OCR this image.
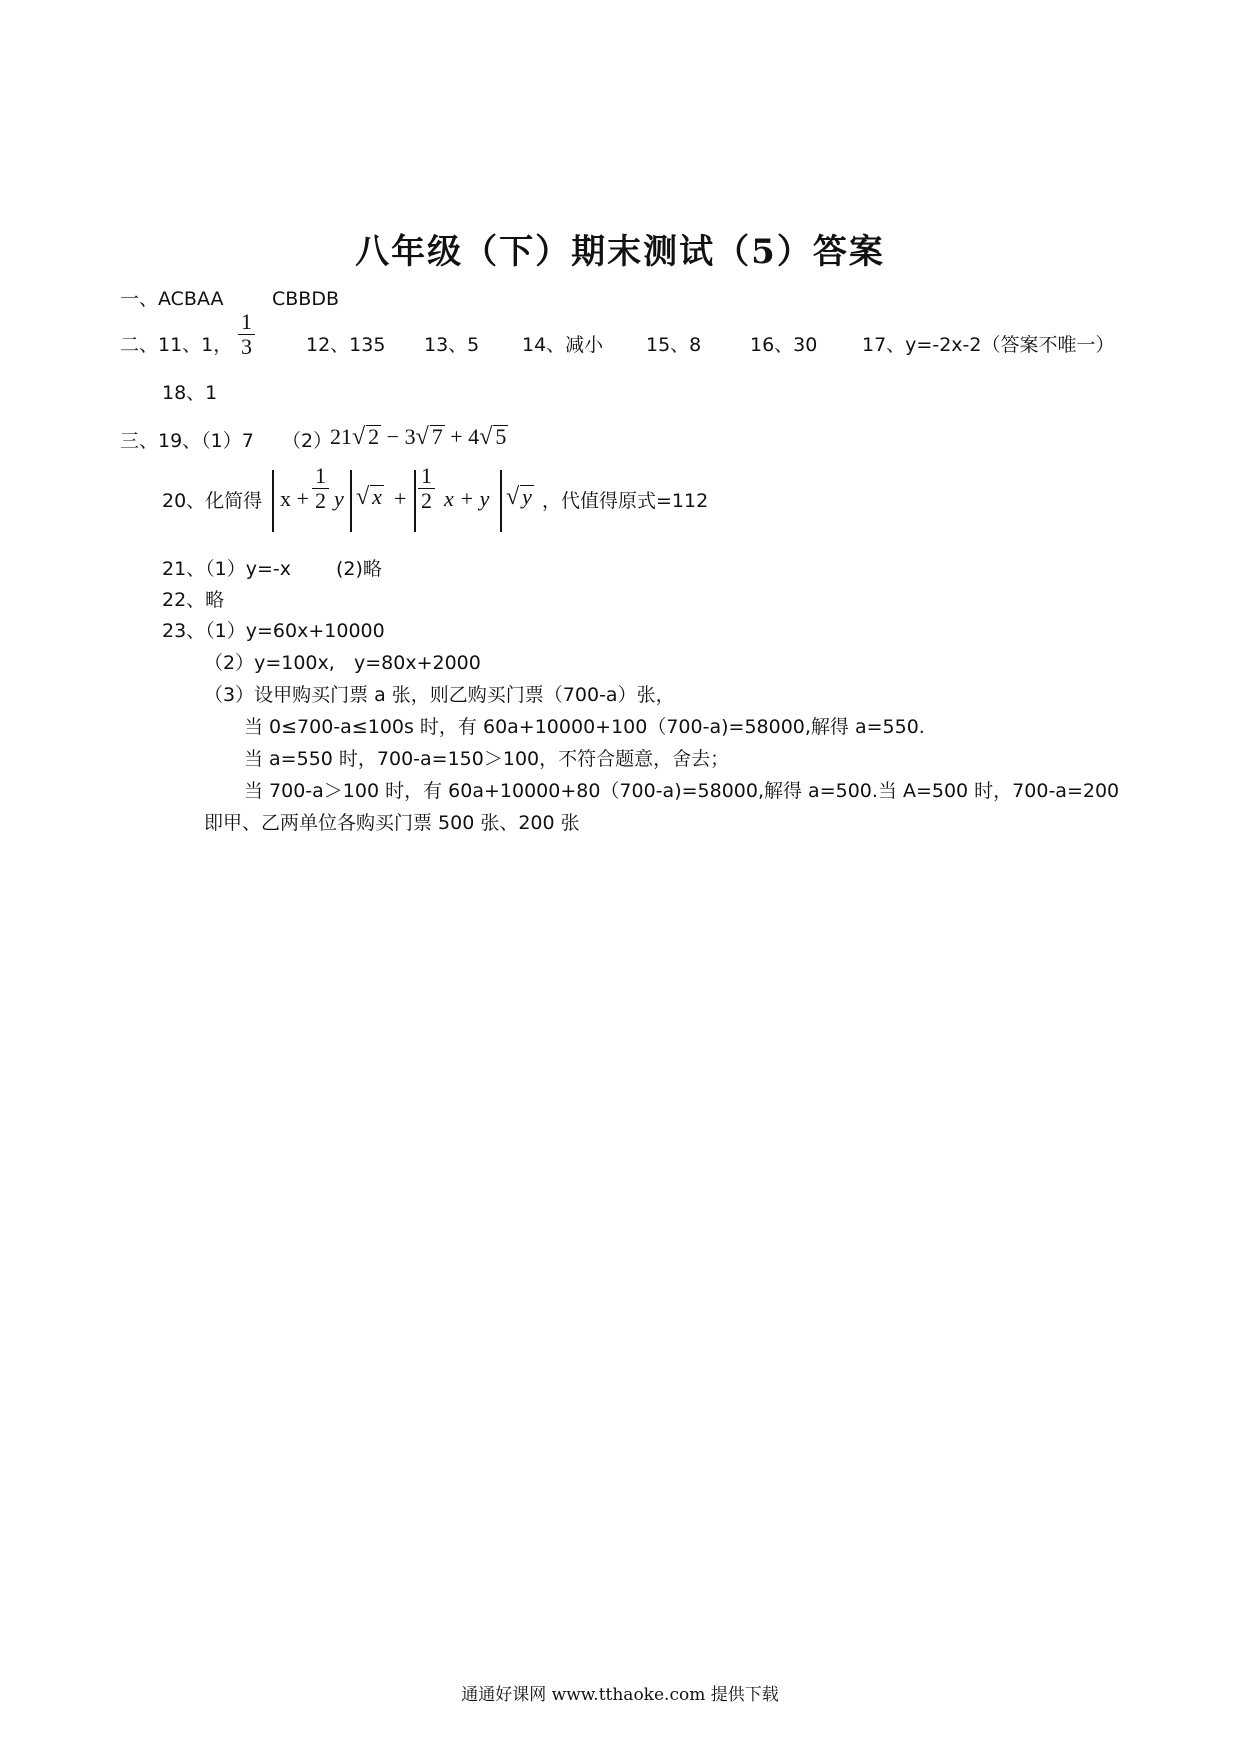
八年级（下）期末测试（5）答案
一、ACBAA	CBBDB
二、11、1， $\frac{1}{3}$	12、135 13、5 14、减小 15、8	16、30 17、y=-2x-2（答案不唯一）
18、1
三、19、（1）7 （2）
21√ 2 − 3√ 7 + 4√ 5
20、化简得 $x + \frac{1}{2}$ y √ $x + \frac{1}{2}$ x + y √ y ，代值得原式=112
21、（1）y=-x (2)略
22、略
23、（1）y=60x+10000
（2）y=100x, y=80x+2000
（3）设甲购买门票 a 张，则乙购买门票（700-a）张，
当 0≤700-a≤100s 时，有 60a+10000+100（700-a)=58000,解得 a=550.
当 a=550 时，700-a=150＞100，不符合题意，舍去；
当 700-a＞100 时，有 60a+10000+80（700-a)=58000,解得 a=500.当 A=500 时，700-a=200
即甲、乙两单位各购买门票 500 张、200 张
通通好课网 www.tthaoke.com 提供下载
